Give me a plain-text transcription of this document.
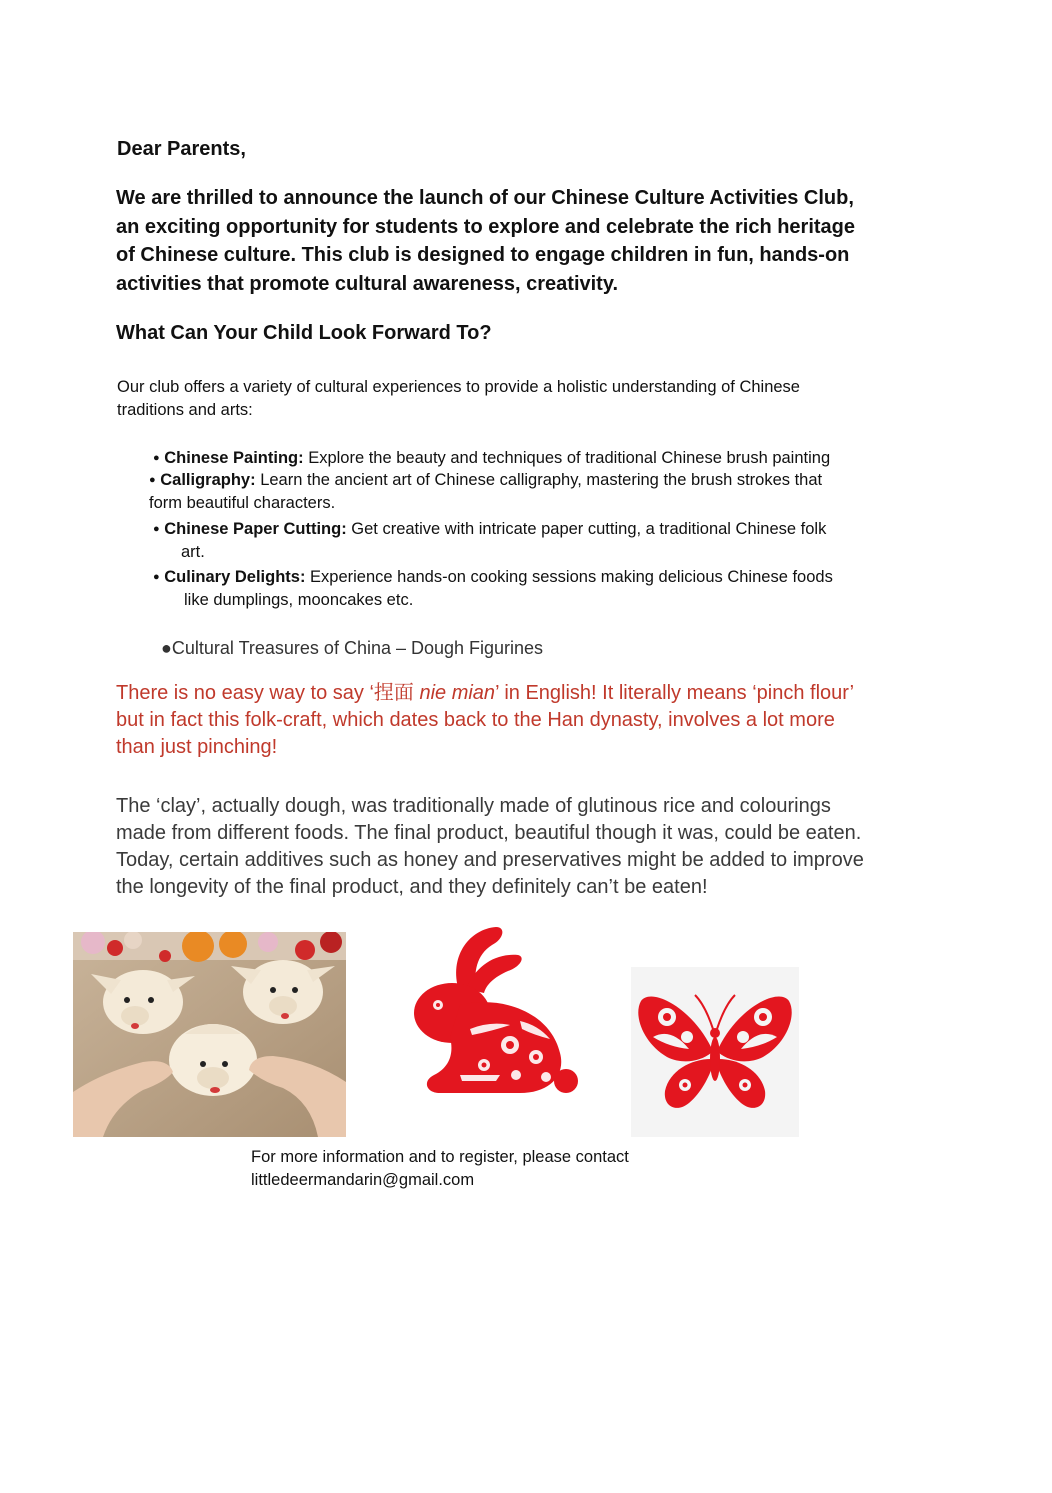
Dear Parents,
We are thrilled to announce the launch of our Chinese Culture Activities Club,
an exciting opportunity for students to explore and celebrate the rich heritage
of Chinese culture. This club is designed to engage children in fun, hands-on
activities that promote cultural awareness, creativity.
What Can Your Child Look Forward To?
Our club offers a variety of cultural experiences to provide a holistic understanding of Chinese
traditions and arts:
● Chinese Painting: Explore the beauty and techniques of traditional Chinese brush painting
● Calligraphy: Learn the ancient art of Chinese calligraphy, mastering the brush strokes that
form beautiful characters.
● Chinese Paper Cutting: Get creative with intricate paper cutting, a traditional Chinese folk
art.
● Culinary Delights: Experience hands-on cooking sessions making delicious Chinese foods
like dumplings, mooncakes etc.
●Cultural Treasures of China – Dough Figurines
There is no easy way to say ‘捏面 nie mian’ in English! It literally means ‘pinch flour’
but in fact this folk-craft, which dates back to the Han dynasty, involves a lot more
than just pinching!
The ‘clay’, actually dough, was traditionally made of glutinous rice and colourings
made from different foods. The final product, beautiful though it was, could be eaten.
Today, certain additives such as honey and preservatives might be added to improve
the longevity of the final product, and they definitely can’t be eaten!
For more information and to register, please contact
littledeermandarin@gmail.com
